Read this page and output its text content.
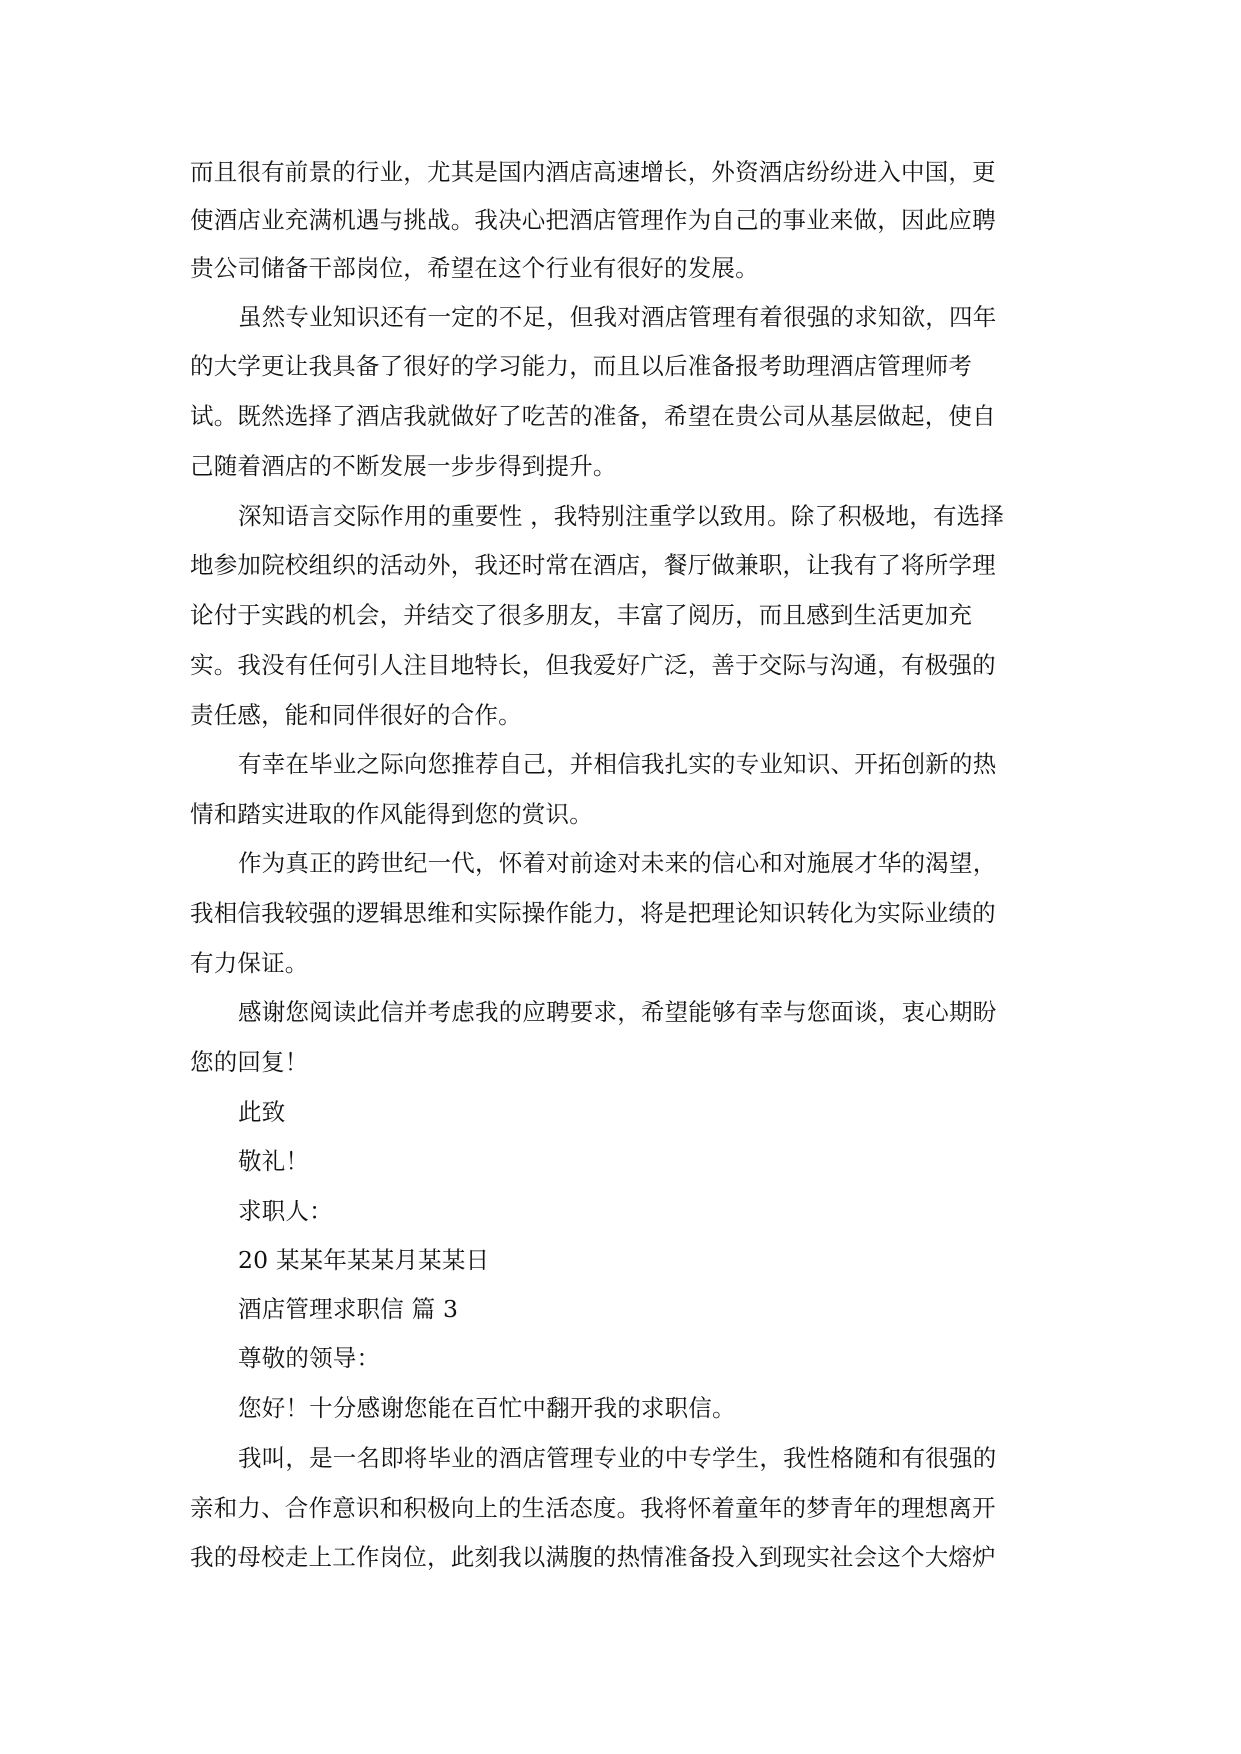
而且很有前景的行业，尤其是国内酒店高速增长，外资酒店纷纷进入中国，更
使酒店业充满机遇与挑战。我决心把酒店管理作为自己的事业来做，因此应聘
贵公司储备干部岗位，希望在这个行业有很好的发展。
虽然专业知识还有一定的不足，但我对酒店管理有着很强的求知欲，四年
的大学更让我具备了很好的学习能力，而且以后准备报考助理酒店管理师考
试。既然选择了酒店我就做好了吃苦的准备，希望在贵公司从基层做起，使自
己随着酒店的不断发展一步步得到提升。
深知语言交际作用的重要性 ，我特别注重学以致用。除了积极地，有选择
地参加院校组织的活动外，我还时常在酒店，餐厅做兼职，让我有了将所学理
论付于实践的机会，并结交了很多朋友，丰富了阅历，而且感到生活更加充
实。我没有任何引人注目地特长，但我爱好广泛，善于交际与沟通，有极强的
责任感，能和同伴很好的合作。
有幸在毕业之际向您推荐自己，并相信我扎实的专业知识、开拓创新的热
情和踏实进取的作风能得到您的赏识。
作为真正的跨世纪一代，怀着对前途对未来的信心和对施展才华的渴望，
我相信我较强的逻辑思维和实际操作能力，将是把理论知识转化为实际业绩的
有力保证。
感谢您阅读此信并考虑我的应聘要求，希望能够有幸与您面谈，衷心期盼
您的回复！
此致
敬礼！
求职人：
20 某某年某某月某某日
酒店管理求职信 篇 3
尊敬的领导：
您好！十分感谢您能在百忙中翻开我的求职信。
我叫，是一名即将毕业的酒店管理专业的中专学生，我性格随和有很强的
亲和力、合作意识和积极向上的生活态度。我将怀着童年的梦青年的理想离开
我的母校走上工作岗位，此刻我以满腹的热情准备投入到现实社会这个大熔炉
